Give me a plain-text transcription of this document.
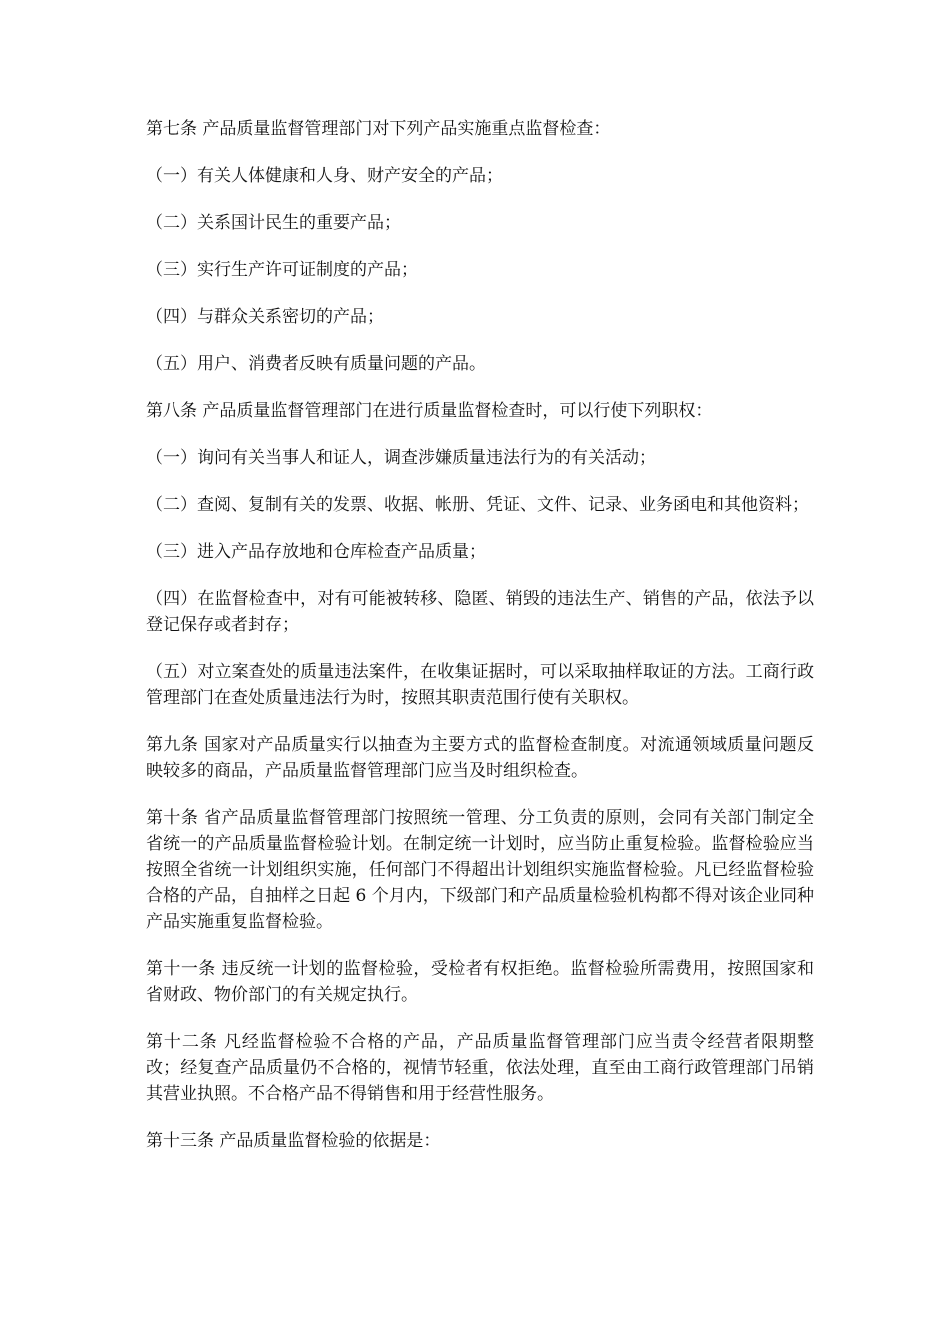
第七条 产品质量监督管理部门对下列产品实施重点监督检查：

（一）有关人体健康和人身、财产安全的产品；

（二）关系国计民生的重要产品；

（三）实行生产许可证制度的产品；

（四）与群众关系密切的产品；

（五）用户、消费者反映有质量问题的产品。

第八条 产品质量监督管理部门在进行质量监督检查时，可以行使下列职权：

（一）询问有关当事人和证人，调查涉嫌质量违法行为的有关活动；

（二）查阅、复制有关的发票、收据、帐册、凭证、文件、记录、业务函电和其他资料；

（三）进入产品存放地和仓库检查产品质量；

（四）在监督检查中，对有可能被转移、隐匿、销毁的违法生产、销售的产品，依法予以登记保存或者封存；

（五）对立案查处的质量违法案件，在收集证据时，可以采取抽样取证的方法。工商行政管理部门在查处质量违法行为时，按照其职责范围行使有关职权。

第九条 国家对产品质量实行以抽查为主要方式的监督检查制度。对流通领域质量问题反映较多的商品，产品质量监督管理部门应当及时组织检查。

第十条 省产品质量监督管理部门按照统一管理、分工负责的原则，会同有关部门制定全省统一的产品质量监督检验计划。在制定统一计划时，应当防止重复检验。监督检验应当按照全省统一计划组织实施，任何部门不得超出计划组织实施监督检验。凡已经监督检验合格的产品，自抽样之日起 6 个月内，下级部门和产品质量检验机构都不得对该企业同种产品实施重复监督检验。

第十一条 违反统一计划的监督检验，受检者有权拒绝。监督检验所需费用，按照国家和省财政、物价部门的有关规定执行。

第十二条 凡经监督检验不合格的产品，产品质量监督管理部门应当责令经营者限期整改；经复查产品质量仍不合格的，视情节轻重，依法处理，直至由工商行政管理部门吊销其营业执照。不合格产品不得销售和用于经营性服务。

第十三条 产品质量监督检验的依据是：
